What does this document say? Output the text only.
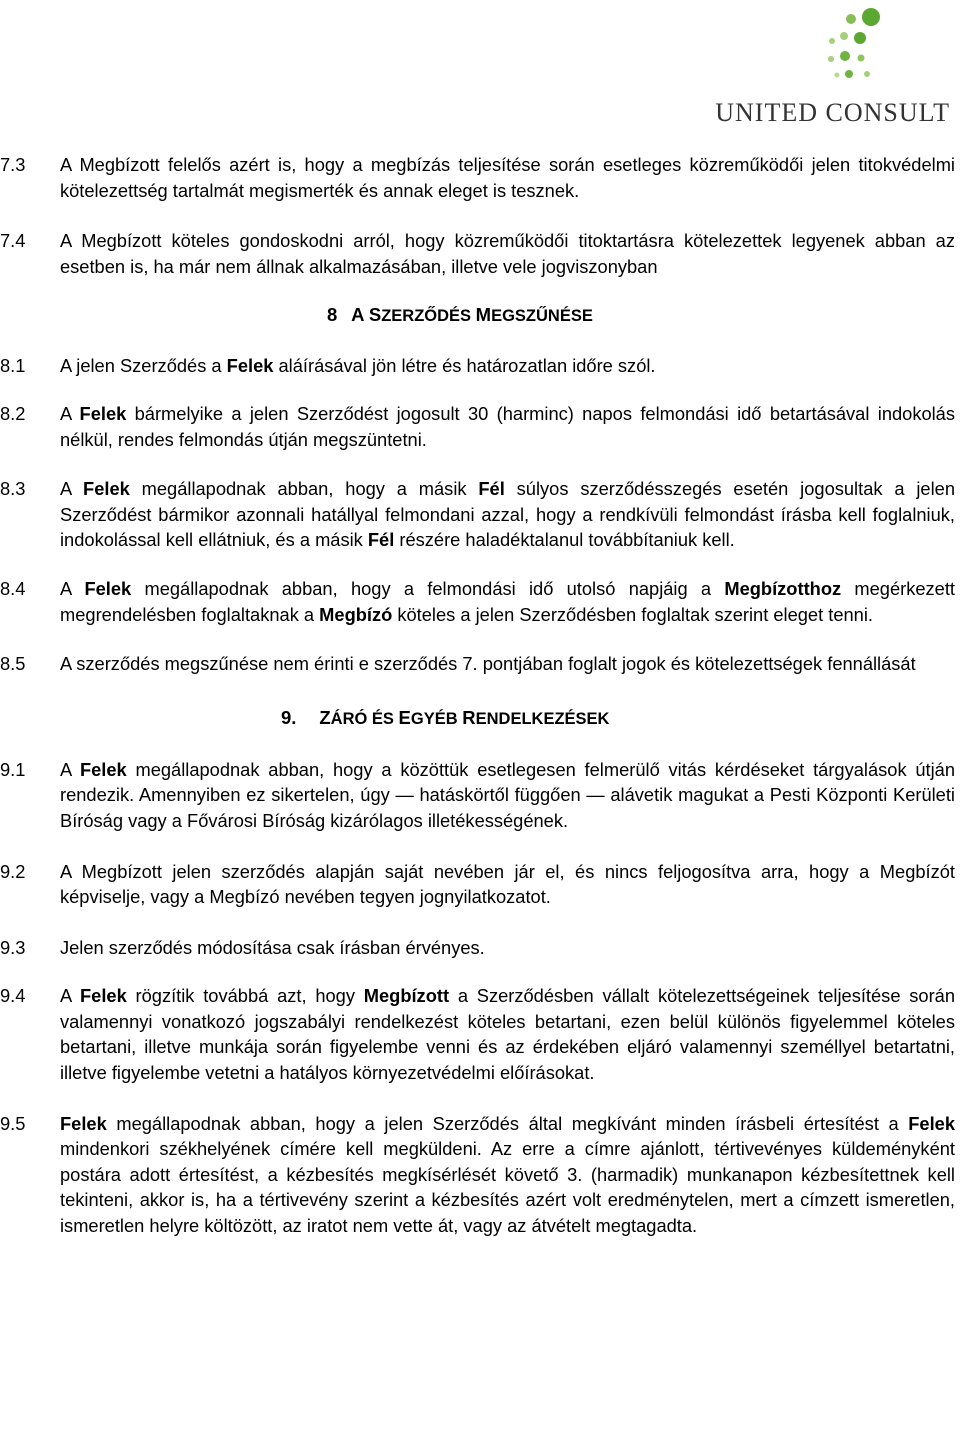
UNITED CONSULT
7.3 A Megbízott felelős azért is, hogy a megbízás teljesítése során esetleges közreműködői jelen titokvédelmi kötelezettség tartalmát megismerték és annak eleget is tesznek.
7.4 A Megbízott köteles gondoskodni arról, hogy közreműködői titoktartásra kötelezettek legyenek abban az esetben is, ha már nem állnak alkalmazásában, illetve vele jogviszonyban
8 A SZERZŐDÉS MEGSZŰNÉSE
8.1 A jelen Szerződés a Felek aláírásával jön létre és határozatlan időre szól.
8.2 A Felek bármelyike a jelen Szerződést jogosult 30 (harminc) napos felmondási idő betartásával indokolás nélkül, rendes felmondás útján megszüntetni.
8.3 A Felek megállapodnak abban, hogy a másik Fél súlyos szerződésszegés esetén jogosultak a jelen Szerződést bármikor azonnali hatállyal felmondani azzal, hogy a rendkívüli felmondást írásba kell foglalniuk, indokolással kell ellátniuk, és a másik Fél részére haladéktalanul továbbítaniuk kell.
8.4 A Felek megállapodnak abban, hogy a felmondási idő utolsó napjáig a Megbízotthoz megérkezett megrendelésben foglaltaknak a Megbízó köteles a jelen Szerződésben foglaltak szerint eleget tenni.
8.5 A szerződés megszűnése nem érinti e szerződés 7. pontjában foglalt jogok és kötelezettségek fennállását
9. ZÁRÓ ÉS EGYÉB RENDELKEZÉSEK
9.1 A Felek megállapodnak abban, hogy a közöttük esetlegesen felmerülő vitás kérdéseket tárgyalások útján rendezik. Amennyiben ez sikertelen, úgy — hatáskörtől függően — alávetik magukat a Pesti Központi Kerületi Bíróság vagy a Fővárosi Bíróság kizárólagos illetékességének.
9.2 A Megbízott jelen szerződés alapján saját nevében jár el, és nincs feljogosítva arra, hogy a Megbízót képviselje, vagy a Megbízó nevében tegyen jognyilatkozatot.
9.3 Jelen szerződés módosítása csak írásban érvényes.
9.4 A Felek rögzítik továbbá azt, hogy Megbízott a Szerződésben vállalt kötelezettségeinek teljesítése során valamennyi vonatkozó jogszabályi rendelkezést köteles betartani, ezen belül különös figyelemmel köteles betartani, illetve munkája során figyelembe venni és az érdekében eljáró valamennyi személlyel betartatni, illetve figyelembe vetetni a hatályos környezetvédelmi előírásokat.
9.5 Felek megállapodnak abban, hogy a jelen Szerződés által megkívánt minden írásbeli értesítést a Felek mindenkori székhelyének címére kell megküldeni. Az erre a címre ajánlott, tértivevényes küldeményként postára adott értesítést, a kézbesítés megkísérlését követő 3. (harmadik) munkanapon kézbesítettnek kell tekinteni, akkor is, ha a tértivevény szerint a kézbesítés azért volt eredménytelen, mert a címzett ismeretlen, ismeretlen helyre költözött, az iratot nem vette át, vagy az átvételt megtagadta.
